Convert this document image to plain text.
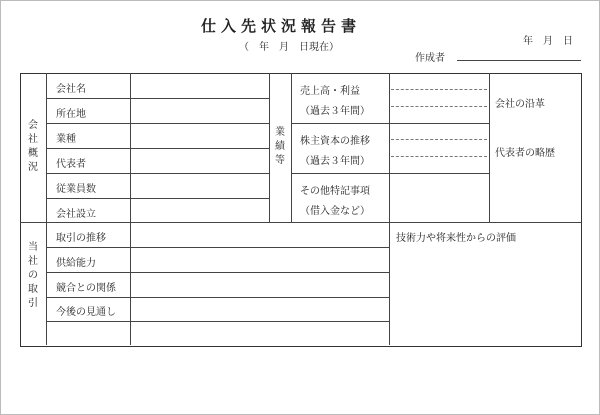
仕入先状況報告書
（　年　月　日現在）
年　月　日
作成者
会
社
概
況
業
績
等
当
社
の
取
引
会社名
所在地
業種
代表者
従業員数
会社設立
売上高・利益
（過去３年間）
株主資本の推移
（過去３年間）
その他特記事項
（借入金など）
会社の沿革
代表者の略歴
取引の推移
供給能力
競合との関係
今後の見通し
技術力や将来性からの評価
